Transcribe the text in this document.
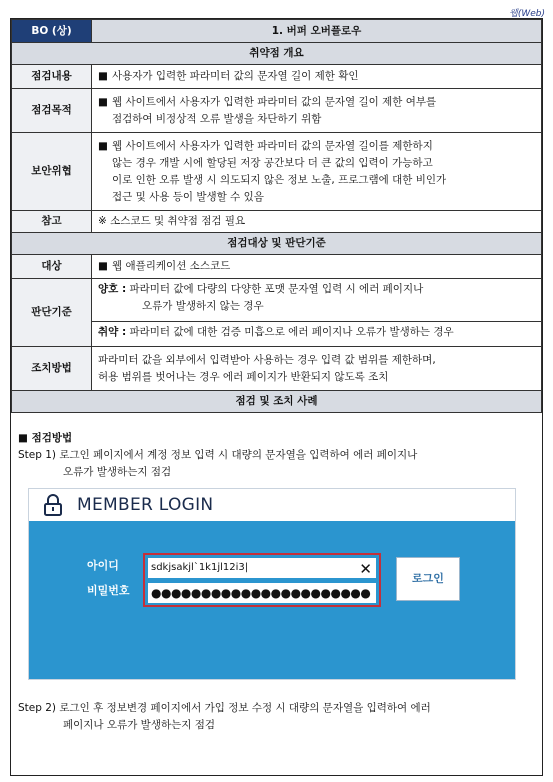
웹(Web)
BO (상)	1. 버퍼 오버플로우
취약점 개요	
점검내용	■ 사용자가 입력한 파라미터 값의 문자열 길이 제한 확인

점검목적	■ 웹 사이트에서 사용자가 입력한 파라미터 값의 문자열 길이 제한 여부를
점검하여 비정상적 오류 발생을 차단하기 위함

보안위협	■ 웹 사이트에서 사용자가 입력한 파라미터 값의 문자열 길이를 제한하지
않는 경우 개발 시에 할당된 저장 공간보다 더 큰 값의 입력이 가능하고
이로 인한 오류 발생 시 의도되지 않은 정보 노출, 프로그램에 대한 비인가
접근 및 사용 등이 발생할 수 있음

참고	※ 소스코드 및 취약점 점검 필요
점검대상 및 판단기준	
대상	■ 웹 애플리케이션 소스코드

판단기준	양호 : 파라미터 값에 다량의 다양한 포맷 문자열 입력 시 에러 페이지나
오류가 발생하지 않는 경우
취약 : 파라미터 값에 대한 검증 미흡으로 에러 페이지나 오류가 발생하는 경우

조치방법	파라미터 값을 외부에서 입력받아 사용하는 경우 입력 값 범위를 제한하며,
허용 범위를 벗어나는 경우 에러 페이지가 반환되지 않도록 조치

점검 및 조치 사례	
■ 점검방법
Step 1) 로그인 페이지에서 계정 정보 입력 시 대량의 문자열을 입력하여 에러 페이지나
오류가 발생하는지 점검
MEMBER LOGIN
아이디
비밀번호
sdkjsakjl`1k1jl12i3|	✕
●●●●●●●●●●●●●●●●●●●●●●
로그인
Step 2) 로그인 후 정보변경 페이지에서 가입 정보 수정 시 대량의 문자열을 입력하여 에러
페이지나 오류가 발생하는지 점검
